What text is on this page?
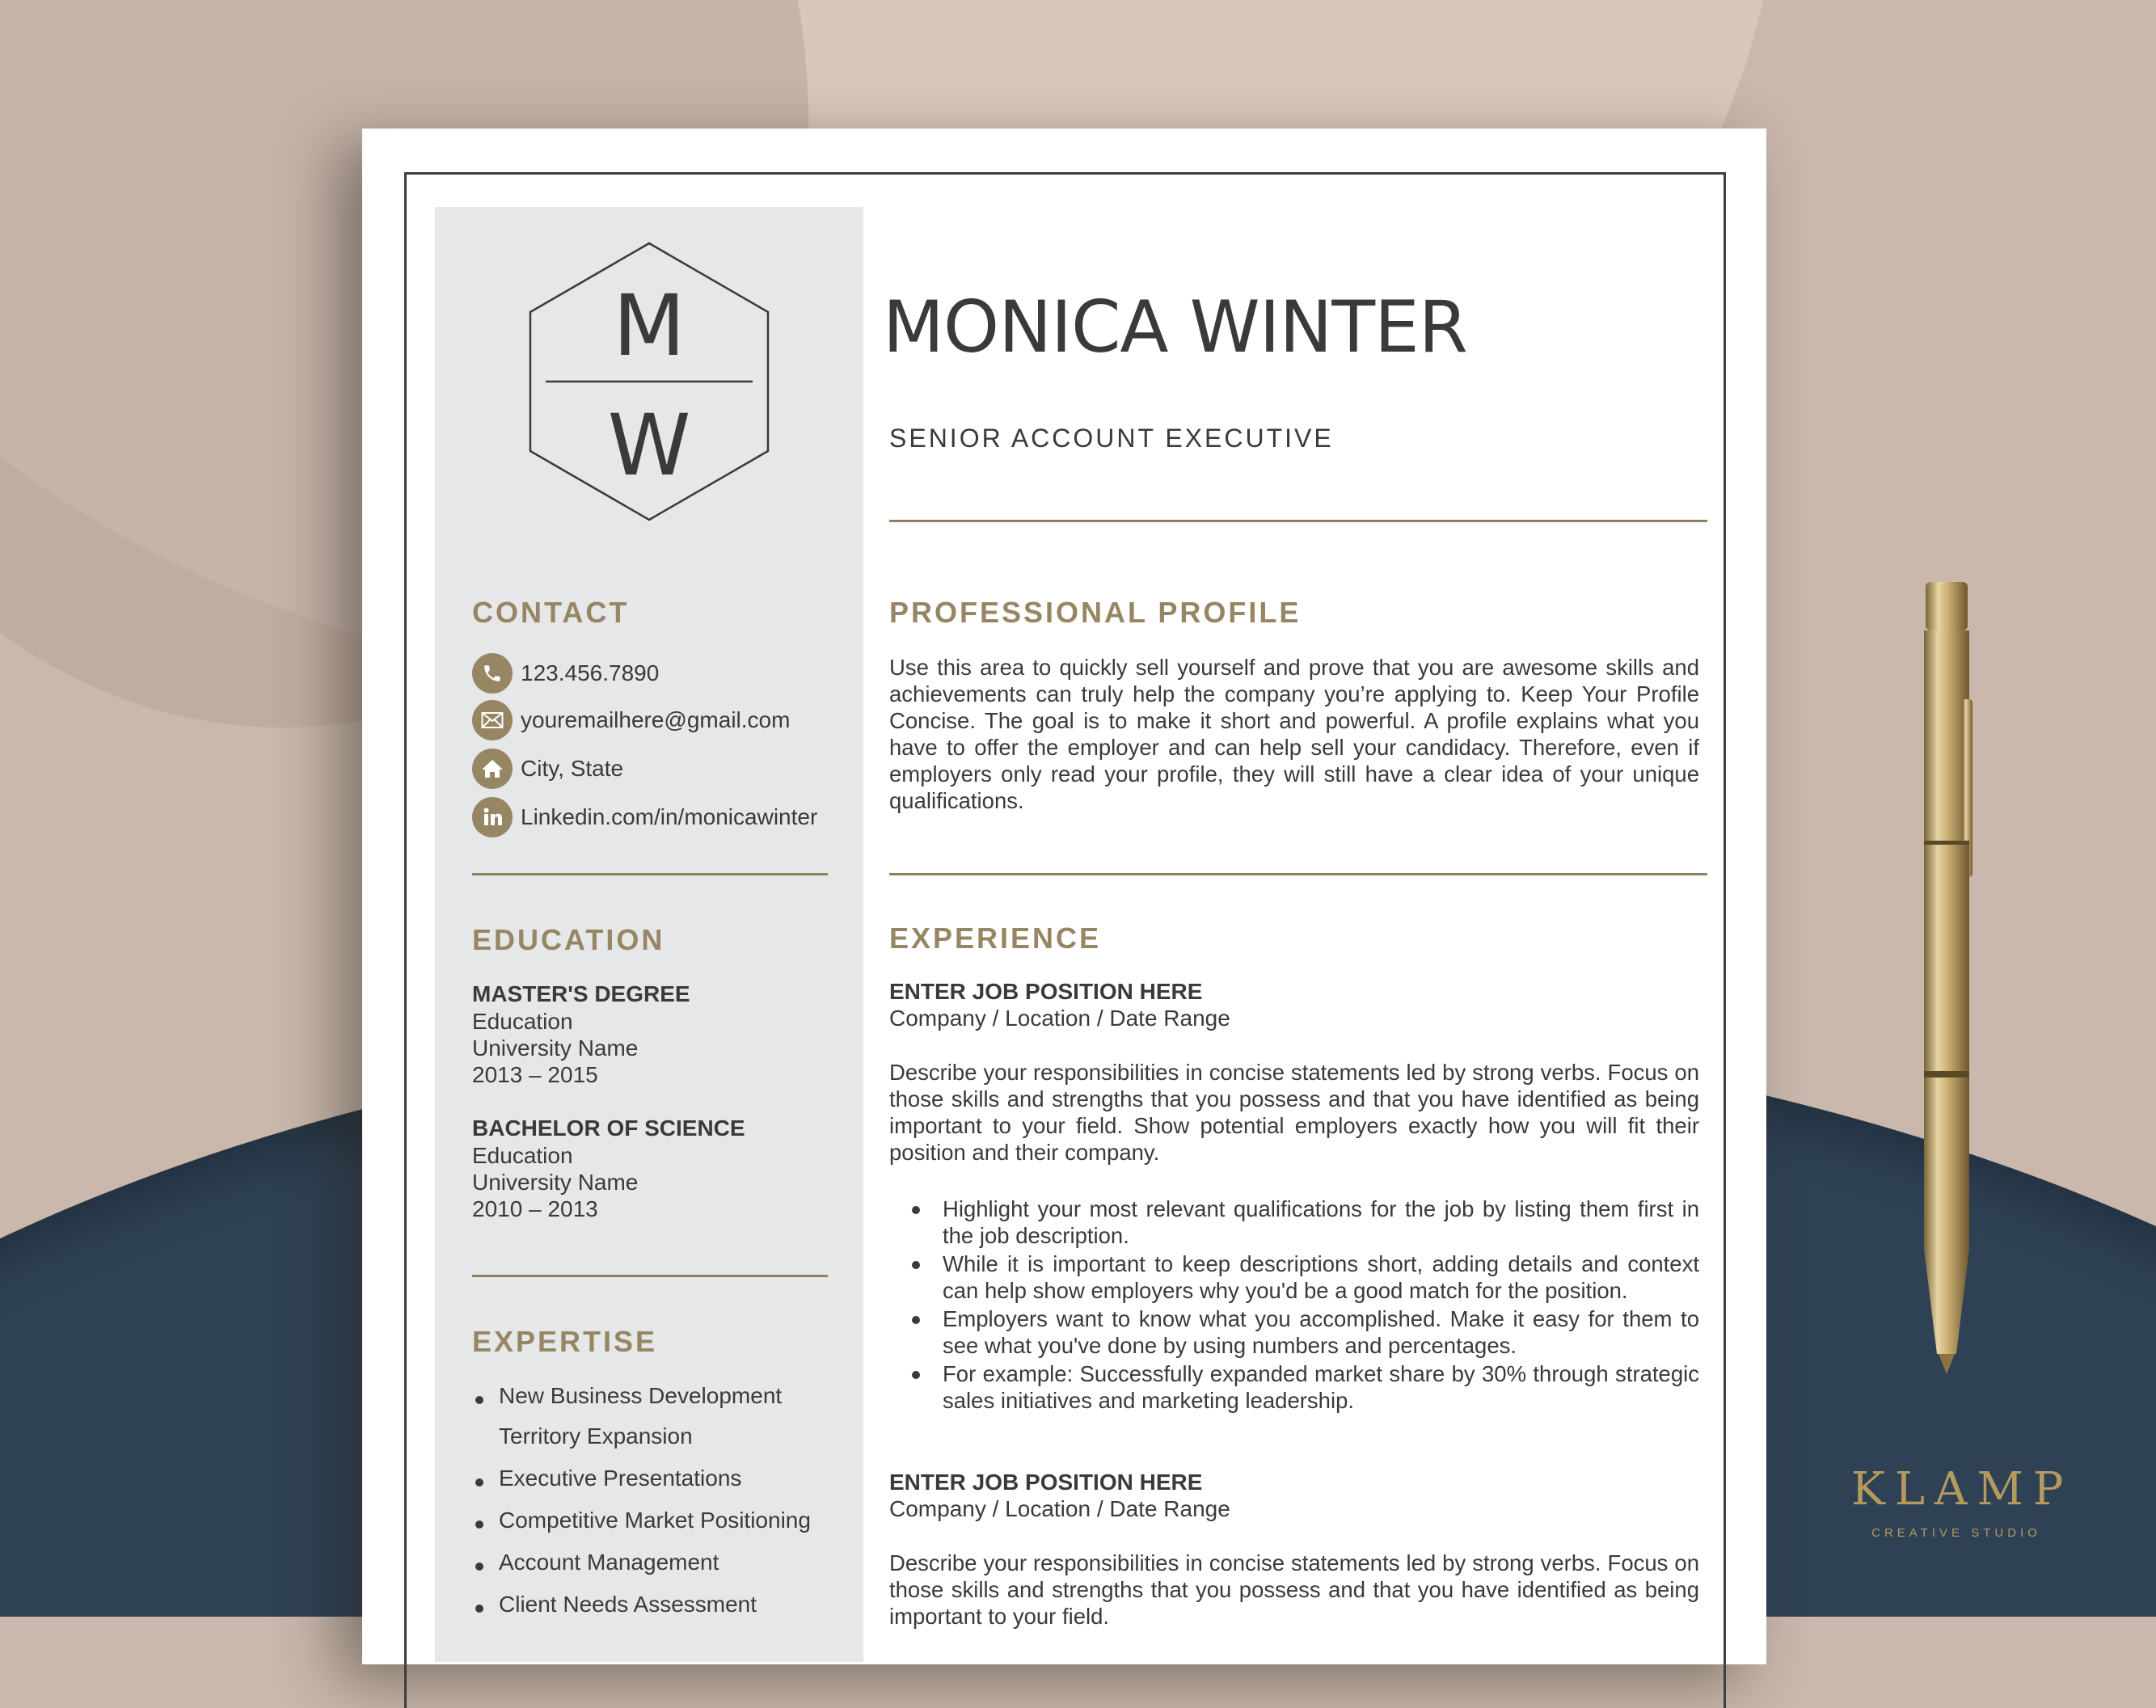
M
W
MONICA WINTER
SENIOR ACCOUNT EXECUTIVE
CONTACT
123.456.7890
youremailhere@gmail.com
City, State
Linkedin.com/in/monicawinter
EDUCATION
MASTER'S DEGREE
Education
University Name
2013 – 2015
BACHELOR OF SCIENCE
Education
University Name
2010 – 2013
EXPERTISE
New Business Development
Territory Expansion
Executive Presentations
Competitive Market Positioning
Account Management
Client Needs Assessment
PROFESSIONAL PROFILE

Use this area to quickly sell yourself and prove that you are awesome skills and achievements can truly help the company you’re applying to. Keep Your Profile Concise. The goal is to make it short and powerful. A profile explains what you have to offer the employer and can help sell your candidacy. Therefore, even if employers only read your profile, they will still have a clear idea of your unique qualifications.

EXPERIENCE
ENTER JOB POSITION HERE
Company / Location / Date Range

Describe your responsibilities in concise statements led by strong verbs. Focus on those skills and strengths that you possess and that you have identified as being important to your field. Show potential employers exactly how you will fit their position and their company.

Highlight your most relevant qualifications for the job by listing them first in the job description.
While it is important to keep descriptions short, adding details and context can help show employers why you'd be a good match for the position.
Employers want to know what you accomplished. Make it easy for them to see what you've done by using numbers and percentages.
For example: Successfully expanded market share by 30% through strategic sales initiatives and marketing leadership.
ENTER JOB POSITION HERE
Company / Location / Date Range

Describe your responsibilities in concise statements led by strong verbs. Focus on those skills and strengths that you possess and that you have identified as being important to your field.

KLAMP
CREATIVE STUDIO
